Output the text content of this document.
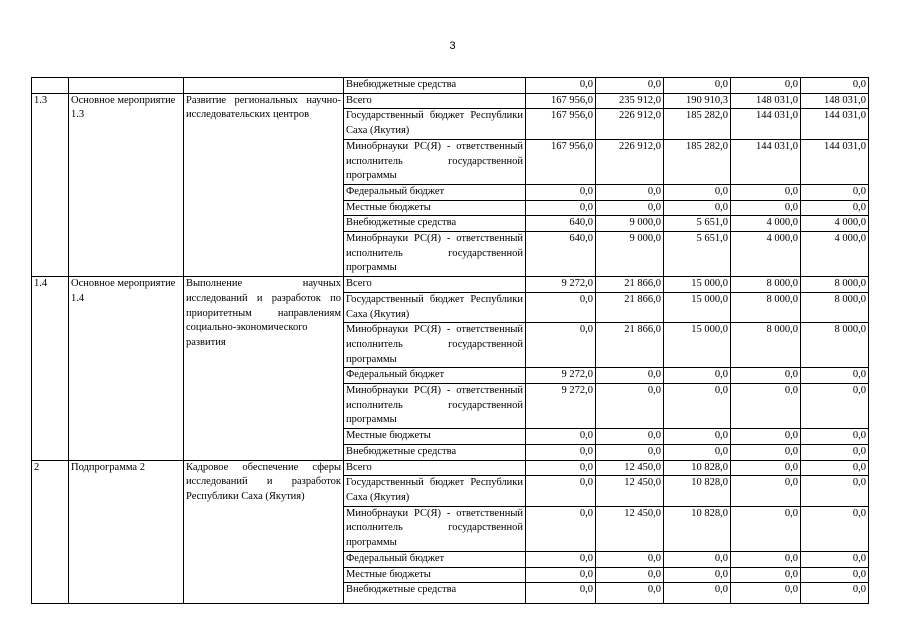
3
			Внебюджетные средства	0,0	0,0	0,0	0,0	0,0
1.3	Основное мероприятие 1.3	Развитие региональных научно-исследовательских центров	Всего	167 956,0	235 912,0	190 910,3	148 031,0	148 031,0
			Государственный бюджет Республики Саха (Якутия)	167 956,0	226 912,0	185 282,0	144 031,0	144 031,0
			Минобрнауки РС(Я) - ответственный исполнитель государственной программы	167 956,0	226 912,0	185 282,0	144 031,0	144 031,0
			Федеральный бюджет	0,0	0,0	0,0	0,0	0,0
			Местные бюджеты	0,0	0,0	0,0	0,0	0,0
			Внебюджетные средства	640,0	9 000,0	5 651,0	4 000,0	4 000,0
			Минобрнауки РС(Я) - ответственный исполнитель государственной программы	640,0	9 000,0	5 651,0	4 000,0	4 000,0
1.4	Основное мероприятие 1.4	Выполнение научных исследований и разработок по приоритетным направлениям социально-экономического развития	Всего	9 272,0	21 866,0	15 000,0	8 000,0	8 000,0
			Государственный бюджет Республики Саха (Якутия)	0,0	21 866,0	15 000,0	8 000,0	8 000,0
			Минобрнауки РС(Я) - ответственный исполнитель государственной программы	0,0	21 866,0	15 000,0	8 000,0	8 000,0
			Федеральный бюджет	9 272,0	0,0	0,0	0,0	0,0
			Минобрнауки РС(Я) - ответственный исполнитель государственной программы	9 272,0	0,0	0,0	0,0	0,0
			Местные бюджеты	0,0	0,0	0,0	0,0	0,0
			Внебюджетные средства	0,0	0,0	0,0	0,0	0,0
2	Подпрограмма 2	Кадровое обеспечение сферы исследований и разработок Республики Саха (Якутия)	Всего	0,0	12 450,0	10 828,0	0,0	0,0
			Государственный бюджет Республики Саха (Якутия)	0,0	12 450,0	10 828,0	0,0	0,0
			Минобрнауки РС(Я) - ответственный исполнитель государственной программы	0,0	12 450,0	10 828,0	0,0	0,0
			Федеральный бюджет	0,0	0,0	0,0	0,0	0,0
			Местные бюджеты	0,0	0,0	0,0	0,0	0,0
			Внебюджетные средства	0,0	0,0	0,0	0,0	0,0
